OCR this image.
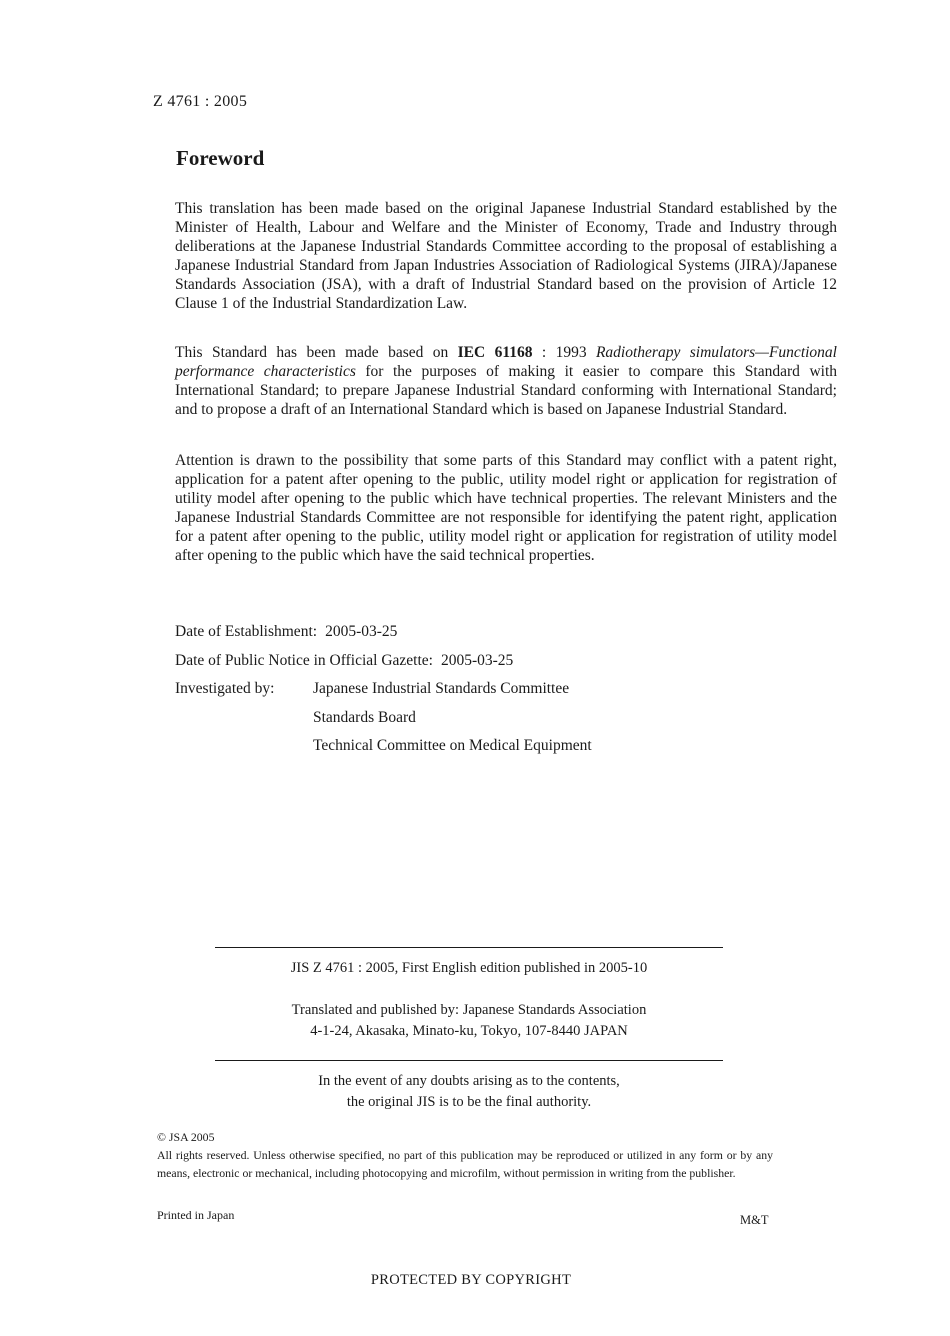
Z 4761 : 2005
Foreword

This translation has been made based on the original Japanese Industrial Standard established by the Minister of Health, Labour and Welfare and the Minister of Economy, Trade and Industry through deliberations at the Japanese Industrial Standards Committee according to the proposal of establishing a Japanese Industrial Standard from Japan Industries Association of Radiological Systems (JIRA)/Japanese Standards Association (JSA), with a draft of Industrial Standard based on the provision of Article 12 Clause 1 of the Industrial Standardization Law.

This Standard has been made based on IEC 61168 : 1993 Radiotherapy simulators—Functional performance characteristics for the purposes of making it easier to compare this Standard with International Standard; to prepare Japanese Industrial Standard conforming with International Standard; and to propose a draft of an International Standard which is based on Japanese Industrial Standard.

Attention is drawn to the possibility that some parts of this Standard may conflict with a patent right, application for a patent after opening to the public, utility model right or application for registration of utility model after opening to the public which have technical properties. The relevant Ministers and the Japanese Industrial Standards Committee are not responsible for identifying the patent right, application for a patent after opening to the public, utility model right or application for registration of utility model after opening to the public which have the said technical properties.

Date of Establishment: 2005-03-25
Date of Public Notice in Official Gazette: 2005-03-25
Investigated by: Japanese Industrial Standards Committee
Standards Board
Technical Committee on Medical Equipment
JIS Z 4761 : 2005, First English edition published in 2005-10
Translated and published by: Japanese Standards Association
4-1-24, Akasaka, Minato-ku, Tokyo, 107-8440 JAPAN
In the event of any doubts arising as to the contents,
the original JIS is to be the final authority.
© JSA 2005
All rights reserved. Unless otherwise specified, no part of this publication may be reproduced or utilized in any form or by any means, electronic or mechanical, including photocopying and microfilm, without permission in writing from the publisher.
Printed in Japan	M&T
PROTECTED BY COPYRIGHT
